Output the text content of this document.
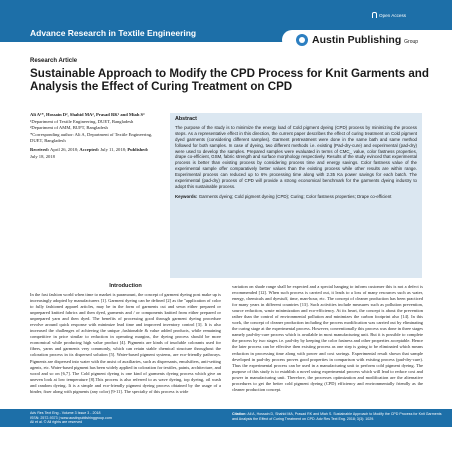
Open Access
Advance Research in Textile Engineering
Austin Publishing Group
Research Article
Sustainable Approach to Modify the CPD Process for Knit Garments and Analysis the Effect of Curing Treatment on CPD
Ali A¹*, Hossain D², Shahid MA², Prasad RK¹ and Miah S³
¹Department of Textile Engineering, DUET, Bangladesh
²Department of AMM, BUFT, Bangladesh
*Corresponding author: Ali A, Department of Textile Engineering, DUET, Bangladesh
Received: April 26, 2018; Accepted: July 11, 2018; Published: July 18, 2018
Abstract

The purpose of the study is to minimize the energy load of Cold pigment dyeing (CPD) process by minimizing the process steps. As a representative effect in this direction, the current paper describes the effect of curing treatment on Cold pigment dyed garments (considering different samples). Garment pretreatment were done in the same bath and same method followed for both samples. In case of dyeing, two different methods i.e. existing (Pad-dry-cure) and experimental (pad-dry) were used to develop the samples. Prepared samples were evaluated in terms of CMC_ value, color fastness properties, drape co-efficient, GSM, fabric strength and surface morphology respectively. Results of the study evinced that experimental process is better than existing process by considering process time and energy savings. Color fastness value of the experimental sample offer comparatively better values than the existing process while other results are within range. Experimental process can reduced up to 6% processing time along with 2.35 Ka power savings for each batch. The experimental (pad-dry) process of CPD will provide a strong economical benchmark for the garments dyeing industry to adopt this sustainable process.

Keywords: Garments dyeing; Cold pigment dyeing (CPD); Curing; Color fastness properties; Drape co-efficient

Introduction

In the fast fashion world when time to market is paramount, the concept of garment dyeing post make up is increasingly adopted by manufacturers [1]. Garment dyeing can be defined [2] as the "application of color to fully fashioned apparel articles, may be in the form of garments cut and sewn either prepared or unprepared knitted fabrics and then dyed, garments and / or components knitted from either prepared or unprepared yarn and then dyed. The benefits of processing good through garment dyeing procedure revolve around quick response with minimize lead time and improved inventory control [3]. It is also increased the challenges of achieving the unique ,fashionable & value added products, while remaining competitive in price similar to reduction in operating margins, the dyeing process should be more economical while producing high value product [4]. Pigments are kinds of insoluble colorants used for fibers, yarns and garments very commonly, which can retain stable chemical structure throughout the coloration process in its dispersed solution [5]. Water-based pigment systems, are eco-friendly pathways. Pigments are dispersed into water with the assist of auxiliaries, such as dispersants, emulsifiers, anti-setting agents, etc. Water-based pigment has been widely applied in coloration for textiles, paints, architecture, and wood and so on [6,7]. The Cold pigment dyeing is one kind of garments dyeing process which give an uneven look at low temperature [8].This process is also referred to as wave dyeing, top dyeing, oil wash and random dyeing. It is a simple and eco-friendly pigment dyeing process obtained by the usage of a binder, fixer along with pigments (any color) [9-11]. The specialty of this process is wide

variation on shade range shall be expected and a special hanging to inform customer this is not a defect is recommended [12]. When such process is carried out, it leads to a loss of many resources such as water, energy, chemicals and dyestuff, time, man-hour, etc. The concept of cleaner production has been practiced for many years in different countries [13]. Such activities include measures such as pollution prevention, source reduction, waste minimization and eco-efficiency. At its heart, the concept is about the prevention rather than the control of environmental pollution and minimizes the carbon footprint also [14]. In this work, the concept of cleaner production including the process modification was carried out by eliminating the curing stage at the experimental process. However, conventionally this process was done in three stages namely pad-dry-cure process which is available in most manufacturing unit. But it is possible to complete the process by two stages i.e. pad-dry by keeping the color fastness and other properties acceptable. Hence the later process can be effective then existing process as one step is going to be eliminated which means reduction in processing time along with power and cost savings. Experimental result shown that sample developed in pad-dry process proves good properties in comparison with existing process (pad-dry-cure). Thus the experimental process can be used in a manufacturing unit to perform cold pigment dyeing. The purpose of this study is to establish a novel using experimental process which will lead to reduce cost and power in manufacturing unit. Therefore, the processes optimization and modification are the alternative procedures to get the better cold pigment dyeing (CPD) efficiency and environmentally friendly as the cleaner production concept.

Adv Res Text Eng - Volume 3 Issue 3 - 2018
ISSN: 2572-9373 | www.austinpublishinggroup.com
Ali et al. © All rights are reserved
Citation: Ali A, Hossain D, Shahid MA, Prasad RK and Miah S. Sustainable Approach to Modify the CPD Process for Knit Garments and Analysis the Effect of Curing Treatment on CPD. Adv Res Text Eng. 2018; 3(3): 1029.
